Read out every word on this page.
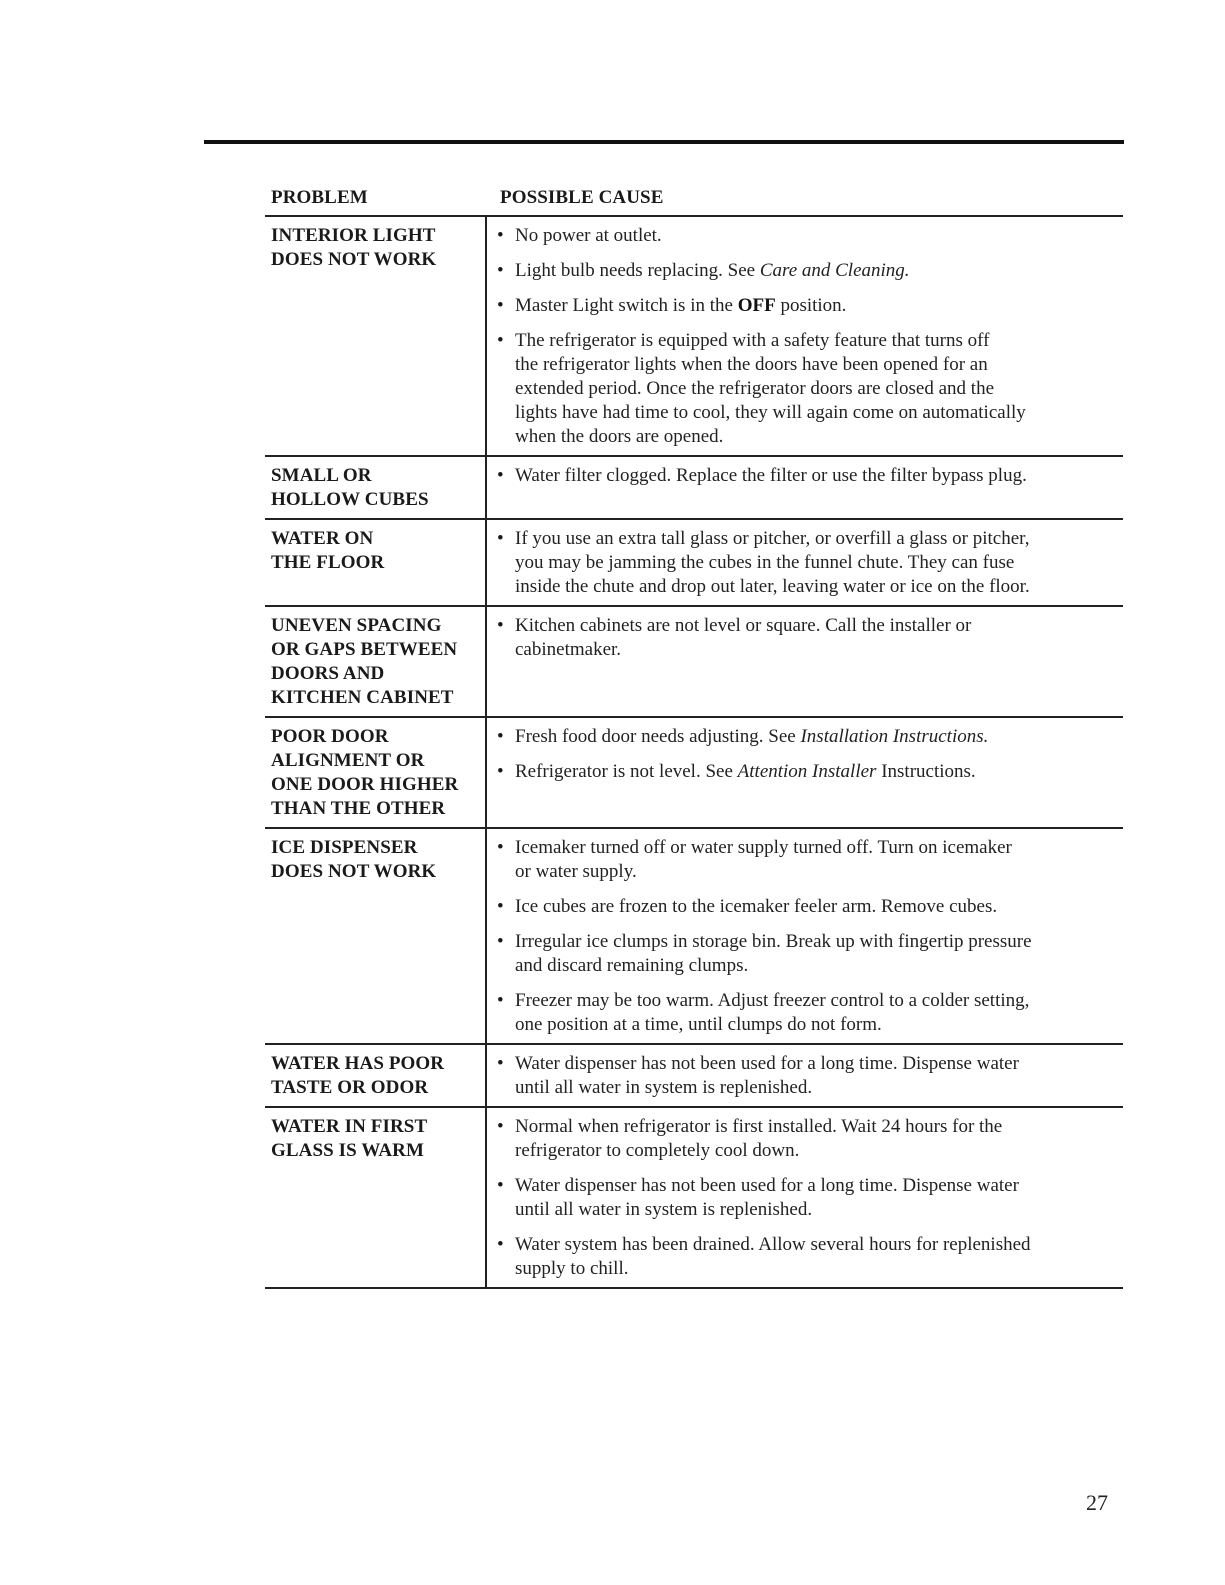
PROBLEM	POSSIBLE CAUSE
INTERIOR LIGHT
DOES NOT WORK
• No power at outlet.
• Light bulb needs replacing. See Care and Cleaning.
• Master Light switch is in the OFF position.
• The refrigerator is equipped with a safety feature that turns off
the refrigerator lights when the doors have been opened for an
extended period. Once the refrigerator doors are closed and the
lights have had time to cool, they will again come on automatically
when the doors are opened.
SMALL OR
HOLLOW CUBES
• Water filter clogged. Replace the filter or use the filter bypass plug.
WATER ON
THE FLOOR
• If you use an extra tall glass or pitcher, or overfill a glass or pitcher,
you may be jamming the cubes in the funnel chute. They can fuse
inside the chute and drop out later, leaving water or ice on the floor.
UNEVEN SPACING
OR GAPS BETWEEN
DOORS AND
KITCHEN CABINET
• Kitchen cabinets are not level or square. Call the installer or
cabinetmaker.
POOR DOOR
ALIGNMENT OR
ONE DOOR HIGHER
THAN THE OTHER
• Fresh food door needs adjusting. See Installation Instructions.
• Refrigerator is not level. See Attention Installer Instructions.
ICE DISPENSER
DOES NOT WORK
• Icemaker turned off or water supply turned off. Turn on icemaker
or water supply.
• Ice cubes are frozen to the icemaker feeler arm. Remove cubes.
• Irregular ice clumps in storage bin. Break up with fingertip pressure
and discard remaining clumps.
• Freezer may be too warm. Adjust freezer control to a colder setting,
one position at a time, until clumps do not form.
WATER HAS POOR
TASTE OR ODOR
• Water dispenser has not been used for a long time. Dispense water
until all water in system is replenished.
WATER IN FIRST
GLASS IS WARM
• Normal when refrigerator is first installed. Wait 24 hours for the
refrigerator to completely cool down.
• Water dispenser has not been used for a long time. Dispense water
until all water in system is replenished.
• Water system has been drained. Allow several hours for replenished
supply to chill.
27
